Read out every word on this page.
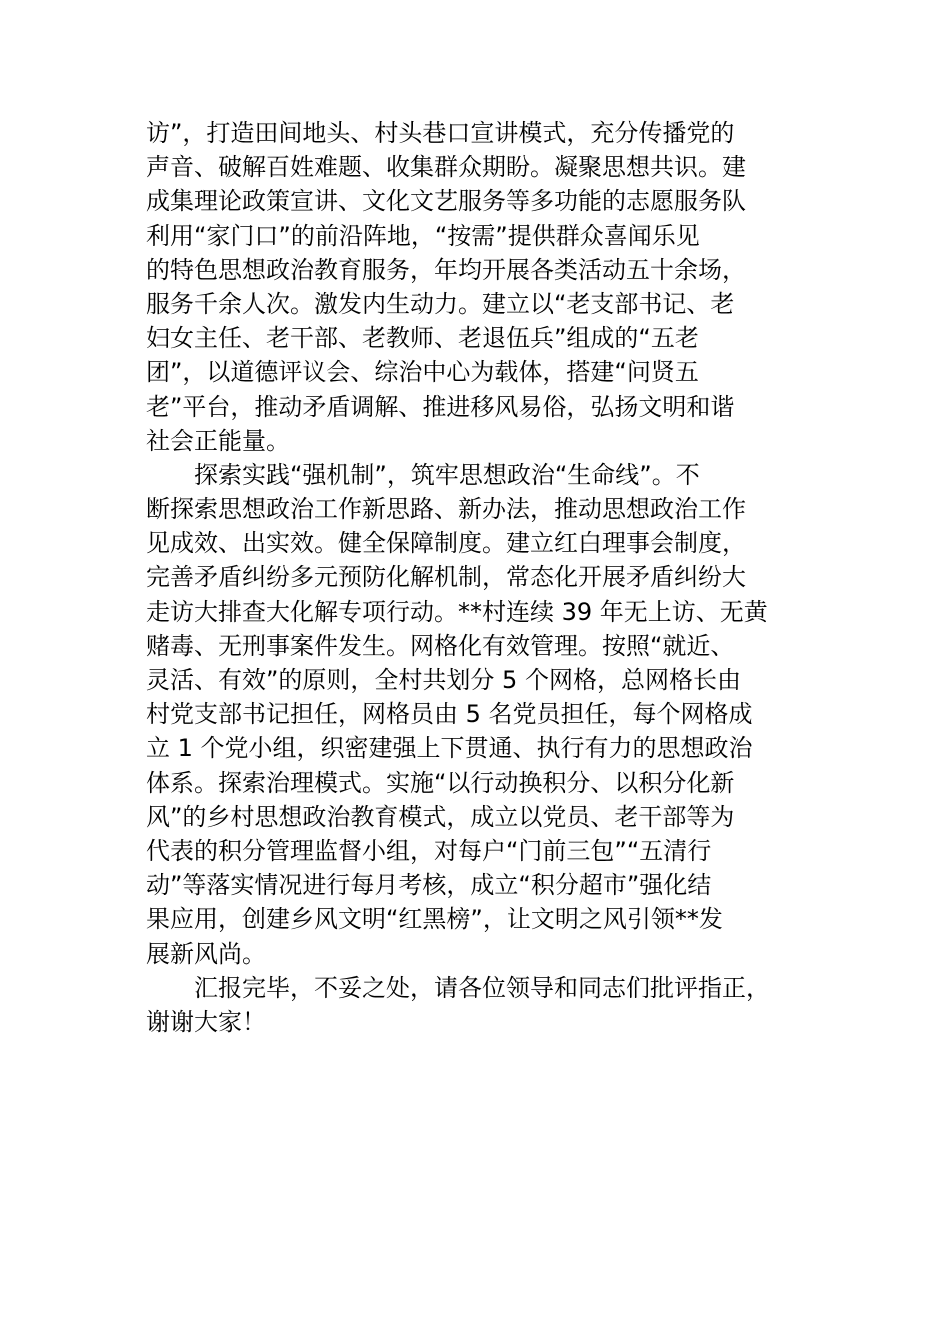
访”，打造田间地头、村头巷口宣讲模式，充分传播党的
声音、破解百姓难题、收集群众期盼。凝聚思想共识。建
成集理论政策宣讲、文化文艺服务等多功能的志愿服务队
利用“家门口”的前沿阵地，“按需”提供群众喜闻乐见
的特色思想政治教育服务，年均开展各类活动五十余场，
服务千余人次。激发内生动力。建立以“老支部书记、老
妇女主任、老干部、老教师、老退伍兵”组成的“五老
团”，以道德评议会、综治中心为载体，搭建“问贤五
老”平台，推动矛盾调解、推进移风易俗，弘扬文明和谐
社会正能量。
探索实践“强机制”，筑牢思想政治“生命线”。不
断探索思想政治工作新思路、新办法，推动思想政治工作
见成效、出实效。健全保障制度。建立红白理事会制度，
完善矛盾纠纷多元预防化解机制，常态化开展矛盾纠纷大
走访大排查大化解专项行动。**村连续 39 年无上访、无黄
赌毒、无刑事案件发生。网格化有效管理。按照“就近、
灵活、有效”的原则，全村共划分 5 个网格，总网格长由
村党支部书记担任，网格员由 5 名党员担任，每个网格成
立 1 个党小组，织密建强上下贯通、执行有力的思想政治
体系。探索治理模式。实施“以行动换积分、以积分化新
风”的乡村思想政治教育模式，成立以党员、老干部等为
代表的积分管理监督小组，对每户“门前三包”“五清行
动”等落实情况进行每月考核，成立“积分超市”强化结
果应用，创建乡风文明“红黑榜”，让文明之风引领**发
展新风尚。
汇报完毕，不妥之处，请各位领导和同志们批评指正，
谢谢大家！
